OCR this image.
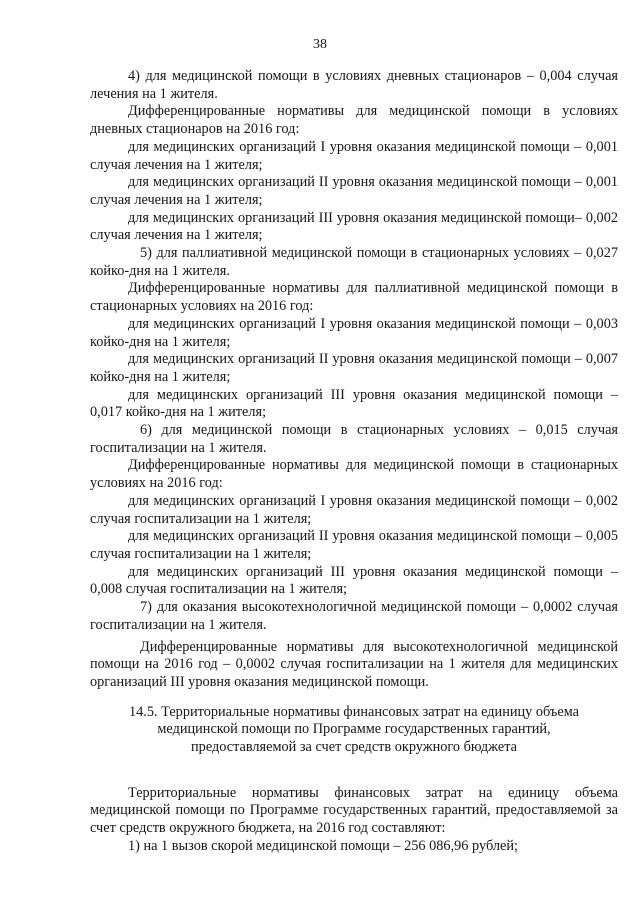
38

4) для медицинской помощи в условиях дневных стационаров – 0,004 случая лечения на 1 жителя.

Дифференцированные нормативы для медицинской помощи в условиях дневных стационаров на 2016 год:

для медицинских организаций I уровня оказания медицинской помощи – 0,001 случая лечения на 1 жителя;

для медицинских организаций II уровня оказания медицинской помощи – 0,001 случая лечения на 1 жителя;

для медицинских организаций III уровня оказания медицинской помощи– 0,002 случая лечения на 1 жителя;

5) для паллиативной медицинской помощи в стационарных условиях – 0,027 койко-дня на 1 жителя.

Дифференцированные нормативы для паллиативной медицинской помощи в стационарных условиях на 2016 год:

для медицинских организаций I уровня оказания медицинской помощи – 0,003 койко-дня на 1 жителя;

для медицинских организаций II уровня оказания медицинской помощи – 0,007 койко-дня на 1 жителя;

для медицинских организаций III уровня оказания медицинской помощи – 0,017 койко-дня на 1 жителя;

6) для медицинской помощи в стационарных условиях – 0,015 случая госпитализации на 1 жителя.

Дифференцированные нормативы для медицинской помощи в стационарных условиях на 2016 год:

для медицинских организаций I уровня оказания медицинской помощи – 0,002 случая госпитализации на 1 жителя;

для медицинских организаций II уровня оказания медицинской помощи – 0,005 случая госпитализации на 1 жителя;

для медицинских организаций III уровня оказания медицинской помощи – 0,008 случая госпитализации на 1 жителя;

7) для оказания высокотехнологичной медицинской помощи – 0,0002 случая госпитализации на 1 жителя.

Дифференцированные нормативы для высокотехнологичной медицинской помощи на 2016 год – 0,0002 случая госпитализации на 1 жителя для медицинских организаций III уровня оказания медицинской помощи.

14.5. Территориальные нормативы финансовых затрат на единицу объема
медицинской помощи по Программе государственных гарантий,
предоставляемой за счет средств окружного бюджета

Территориальные нормативы финансовых затрат на единицу объема медицинской помощи по Программе государственных гарантий, предоставляемой за счет средств окружного бюджета, на 2016 год составляют:

1) на 1 вызов скорой медицинской помощи – 256 086,96 рублей;
